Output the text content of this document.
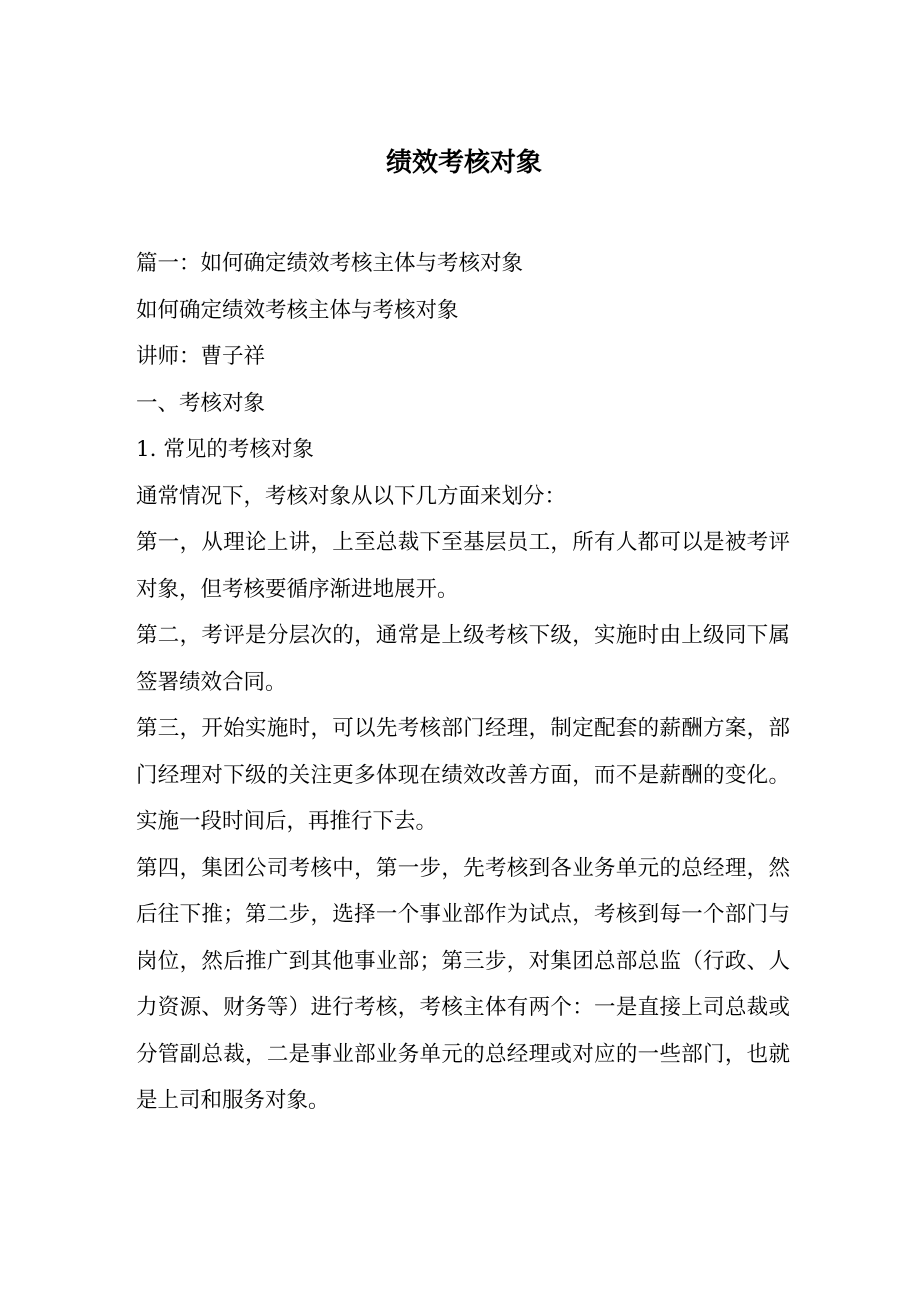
绩效考核对象

篇一：如何确定绩效考核主体与考核对象

如何确定绩效考核主体与考核对象

讲师：曹子祥

一、考核对象

1. 常见的考核对象

通常情况下，考核对象从以下几方面来划分：

第一，从理论上讲，上至总裁下至基层员工，所有人都可以是被考评对象，但考核要循序渐进地展开。

第二，考评是分层次的，通常是上级考核下级，实施时由上级同下属签署绩效合同。

第三，开始实施时，可以先考核部门经理，制定配套的薪酬方案，部门经理对下级的关注更多体现在绩效改善方面，而不是薪酬的变化。实施一段时间后，再推行下去。

第四，集团公司考核中，第一步，先考核到各业务单元的总经理，然后往下推；第二步，选择一个事业部作为试点，考核到每一个部门与岗位，然后推广到其他事业部；第三步，对集团总部总监（行政、人力资源、财务等）进行考核，考核主体有两个：一是直接上司总裁或分管副总裁，二是事业部业务单元的总经理或对应的一些部门，也就是上司和服务对象。
